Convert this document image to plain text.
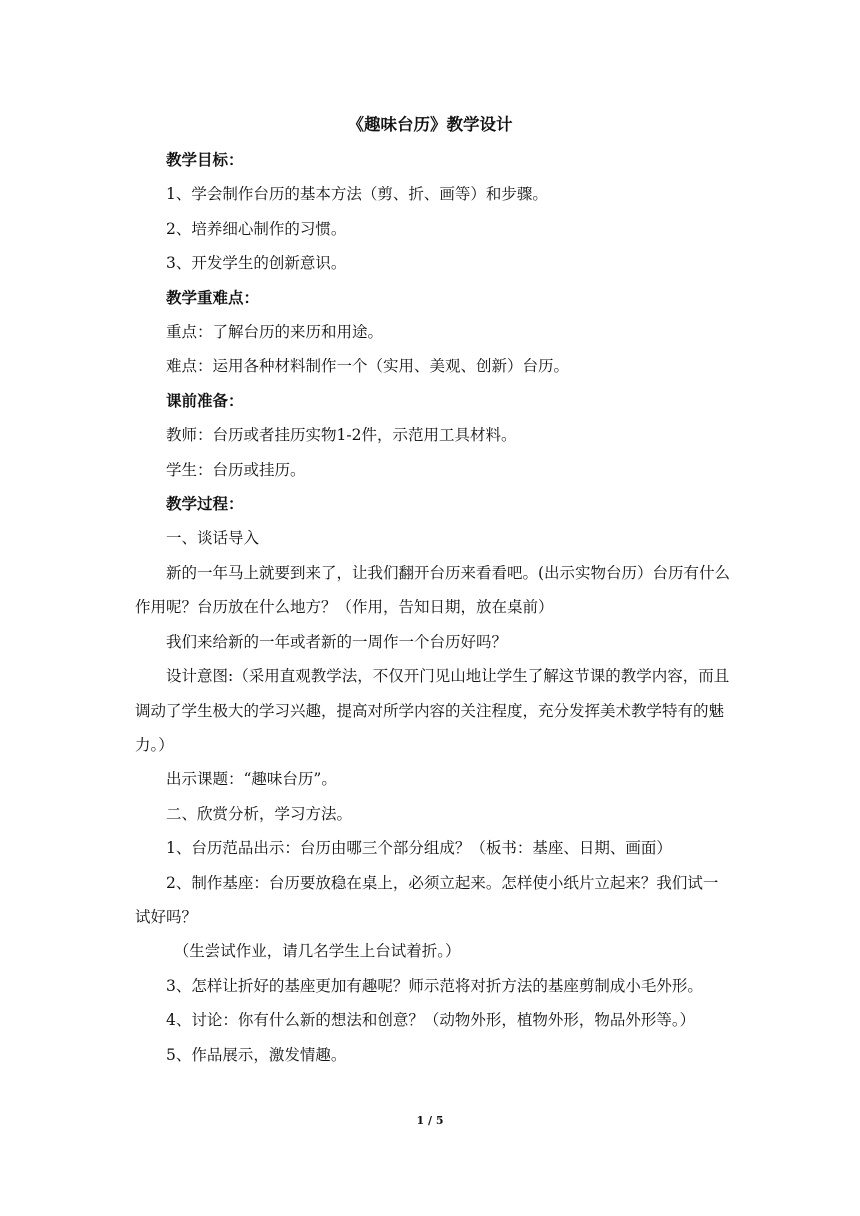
《趣味台历》教学设计

教学目标：

1、学会制作台历的基本方法（剪、折、画等）和步骤。

2、培养细心制作的习惯。

3、开发学生的创新意识。

教学重难点：

重点：了解台历的来历和用途。

难点：运用各种材料制作一个（实用、美观、创新）台历。

课前准备：

教师：台历或者挂历实物1-2件，示范用工具材料。

学生：台历或挂历。

教学过程：

一、谈话导入

新的一年马上就要到来了，让我们翻开台历来看看吧。(出示实物台历）台历有什么作用呢？台历放在什么地方？（作用，告知日期，放在桌前）

我们来给新的一年或者新的一周作一个台历好吗？

设计意图:（采用直观教学法，不仅开门见山地让学生了解这节课的教学内容，而且调动了学生极大的学习兴趣，提高对所学内容的关注程度，充分发挥美术教学特有的魅力。）

出示课题：“趣味台历”。

二、欣赏分析，学习方法。

1、台历范品出示：台历由哪三个部分组成？（板书：基座、日期、画面）

2、制作基座：台历要放稳在桌上，必须立起来。怎样使小纸片立起来？我们试一试好吗？

（生尝试作业，请几名学生上台试着折。）

3、怎样让折好的基座更加有趣呢？师示范将对折方法的基座剪制成小毛外形。

4、讨论：你有什么新的想法和创意？（动物外形，植物外形，物品外形等。）

5、作品展示，激发情趣。

1 / 5
